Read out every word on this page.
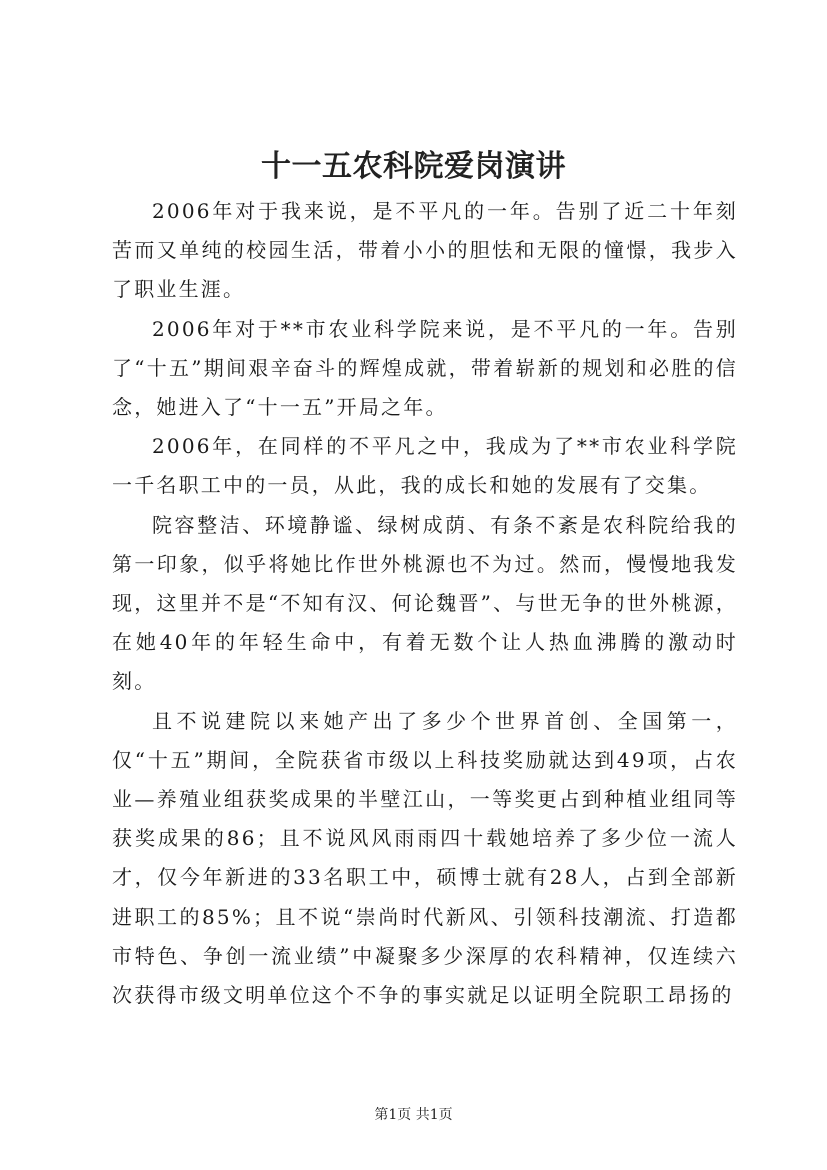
十一五农科院爱岗演讲

2006年对于我来说，是不平凡的一年。告别了近二十年刻苦而又单纯的校园生活，带着小小的胆怯和无限的憧憬，我步入了职业生涯。

2006年对于**市农业科学院来说，是不平凡的一年。告别了“十五”期间艰辛奋斗的辉煌成就，带着崭新的规划和必胜的信念，她进入了“十一五”开局之年。

2006年，在同样的不平凡之中，我成为了**市农业科学院一千名职工中的一员，从此，我的成长和她的发展有了交集。

院容整洁、环境静谧、绿树成荫、有条不紊是农科院给我的第一印象，似乎将她比作世外桃源也不为过。然而，慢慢地我发现，这里并不是“不知有汉、何论魏晋”、与世无争的世外桃源，在她40年的年轻生命中，有着无数个让人热血沸腾的激动时刻。

且不说建院以来她产出了多少个世界首创、全国第一，仅“十五”期间，全院获省市级以上科技奖励就达到49项，占农业—养殖业组获奖成果的半壁江山，一等奖更占到种植业组同等获奖成果的86；且不说风风雨雨四十载她培养了多少位一流人才，仅今年新进的33名职工中，硕博士就有28人，占到全部新进职工的85%；且不说“崇尚时代新风、引领科技潮流、打造都市特色、争创一流业绩”中凝聚多少深厚的农科精神，仅连续六次获得市级文明单位这个不争的事实就足以证明全院职工昂扬的

第1页 共1页
